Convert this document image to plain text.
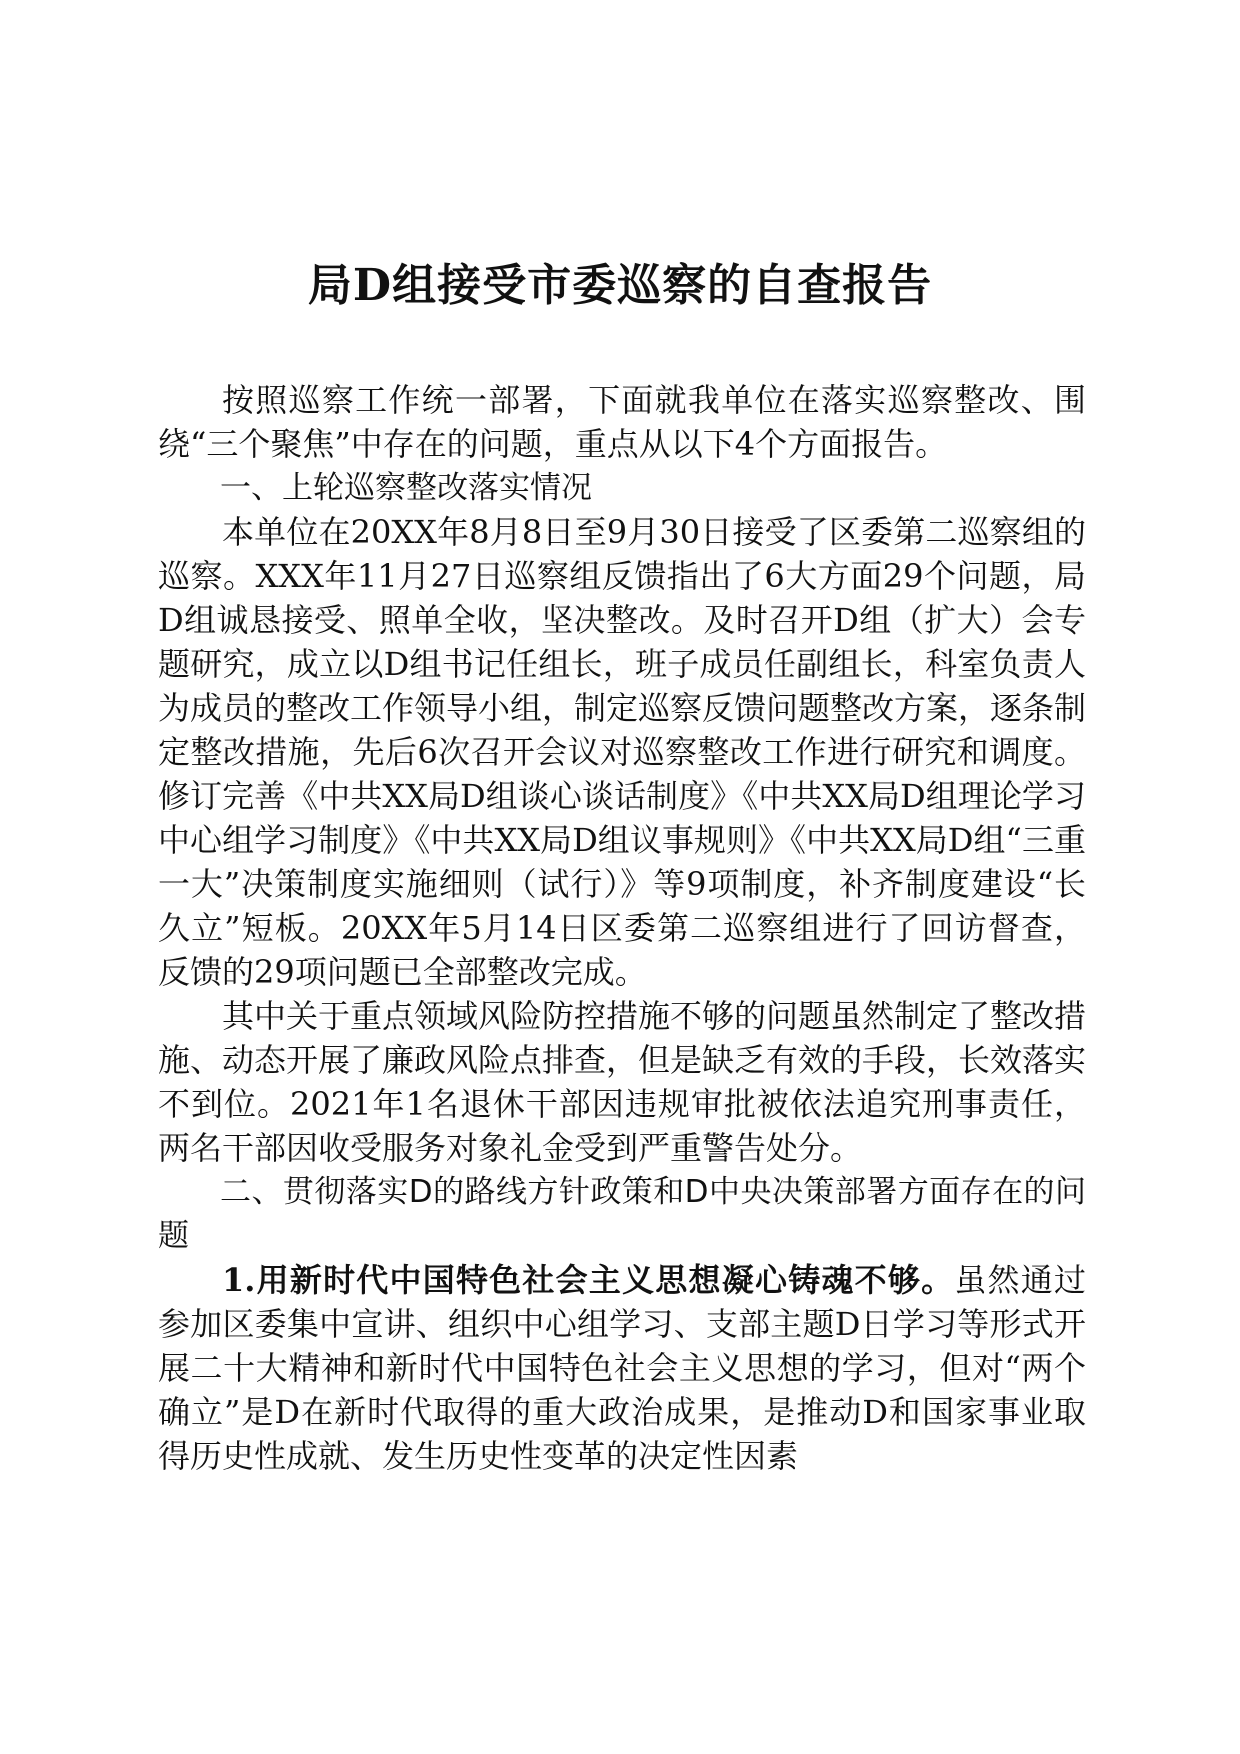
局D组接受市委巡察的自查报告

按照巡察工作统一部署，下面就我单位在落实巡察整改、围绕“三个聚焦”中存在的问题，重点从以下4个方面报告。

一、上轮巡察整改落实情况

本单位在20XX年8月8日至9月30日接受了区委第二巡察组的巡察。XXX年11月27日巡察组反馈指出了6大方面29个问题，局D组诚恳接受、照单全收，坚决整改。及时召开D组（扩大）会专题研究，成立以D组书记任组长，班子成员任副组长，科室负责人为成员的整改工作领导小组，制定巡察反馈问题整改方案，逐条制定整改措施，先后6次召开会议对巡察整改工作进行研究和调度。修订完善《中共XX局D组谈心谈话制度》《中共XX局D组理论学习中心组学习制度》《中共XX局D组议事规则》《中共XX局D组“三重一大”决策制度实施细则（试行）》等9项制度，补齐制度建设“长久立”短板。20XX年5月14日区委第二巡察组进行了回访督查，反馈的29项问题已全部整改完成。

其中关于重点领域风险防控措施不够的问题虽然制定了整改措施、动态开展了廉政风险点排查，但是缺乏有效的手段，长效落实不到位。2021年1名退休干部因违规审批被依法追究刑事责任，两名干部因收受服务对象礼金受到严重警告处分。

二、贯彻落实D的路线方针政策和D中央决策部署方面存在的问题

1.用新时代中国特色社会主义思想凝心铸魂不够。虽然通过参加区委集中宣讲、组织中心组学习、支部主题D日学习等形式开展二十大精神和新时代中国特色社会主义思想的学习，但对“两个确立”是D在新时代取得的重大政治成果，是推动D和国家事业取得历史性成就、发生历史性变革的决定性因素
